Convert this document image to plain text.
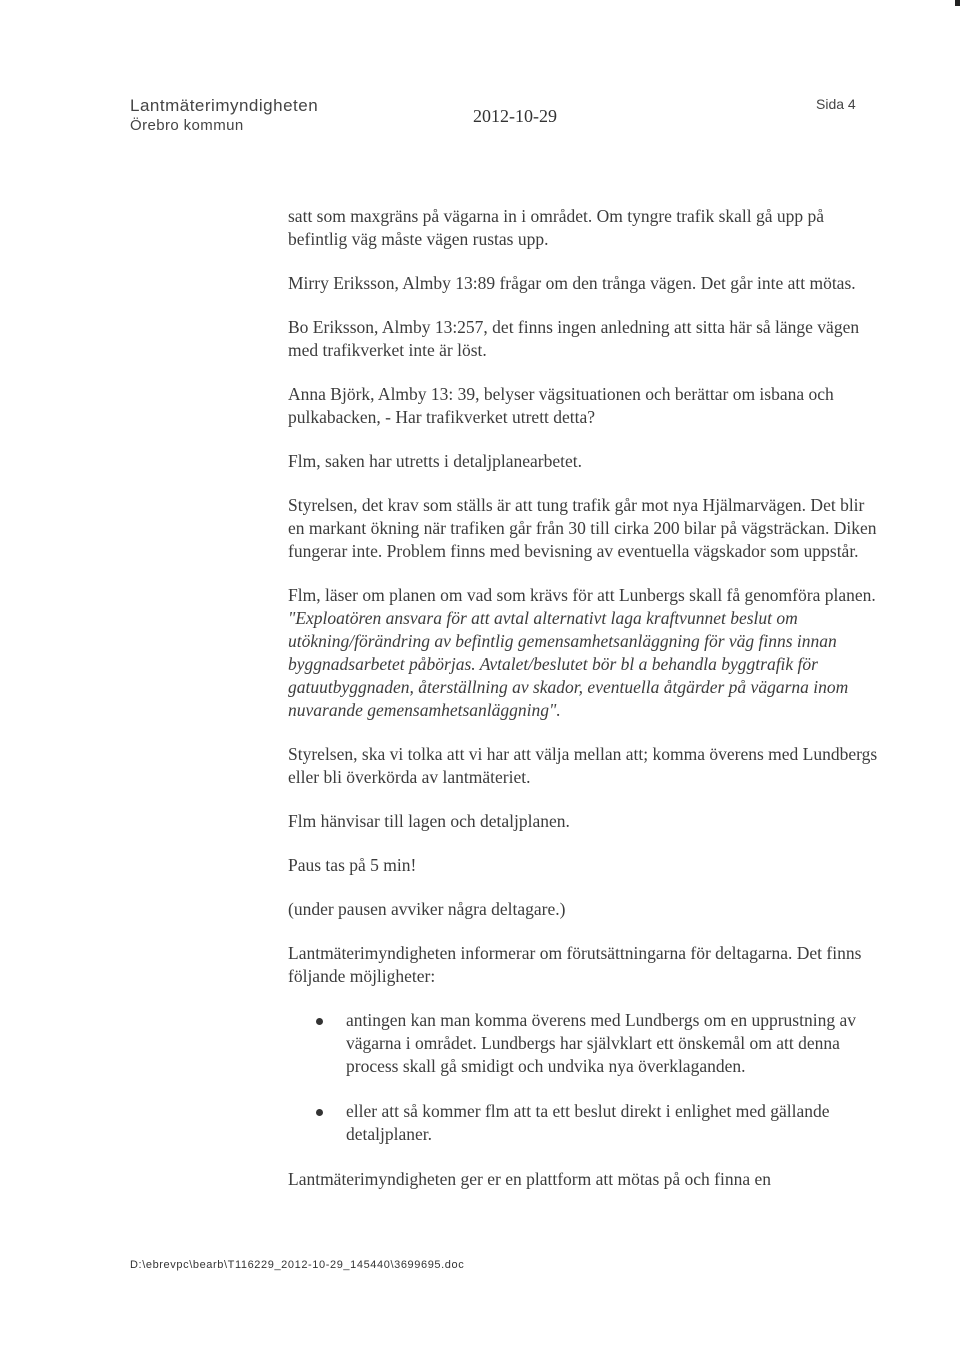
Lantmäterimyndigheten
Örebro kommun	2012-10-29
Sida 4

satt som maxgräns på vägarna in i området. Om tyngre trafik skall gå upp på befintlig väg måste vägen rustas upp.

Mirry Eriksson, Almby 13:89 frågar om den trånga vägen. Det går inte att mötas.

Bo Eriksson, Almby 13:257, det finns ingen anledning att sitta här så länge vägen med trafikverket inte är löst.

Anna Björk, Almby 13: 39, belyser vägsituationen och berättar om isbana och pulkabacken, - Har trafikverket utrett detta?

Flm, saken har utretts i detaljplanearbetet.

Styrelsen, det krav som ställs är att tung trafik går mot nya Hjälmarvägen. Det blir en markant ökning när trafiken går från 30 till cirka 200 bilar på vägsträckan. Diken fungerar inte. Problem finns med bevisning av eventuella vägskador som uppstår.

Flm, läser om planen om vad som krävs för att Lunbergs skall få genomföra planen. "Exploatören ansvara för att avtal alternativt laga kraftvunnet beslut om utökning/förändring av befintlig gemensamhetsanläggning för väg finns innan byggnadsarbetet påbörjas. Avtalet/beslutet bör bl a behandla byggtrafik för gatuutbyggnaden, återställning av skador, eventuella åtgärder på vägarna inom nuvarande gemensamhetsanläggning".

Styrelsen, ska vi tolka att vi har att välja mellan att; komma överens med Lundbergs eller bli överkörda av lantmäteriet.

Flm hänvisar till lagen och detaljplanen.

Paus tas på 5 min!

(under pausen avviker några deltagare.)

Lantmäterimyndigheten informerar om förutsättningarna för deltagarna. Det finns följande möjligheter:

antingen kan man komma överens med Lundbergs om en upprustning av vägarna i området. Lundbergs har självklart ett önskemål om att denna process skall gå smidigt och undvika nya överklaganden.
eller att så kommer flm att ta ett beslut direkt i enlighet med gällande detaljplaner.

Lantmäterimyndigheten ger er en plattform att mötas på och finna en

D:\ebrevpc\bearb\T116229_2012-10-29_145440\3699695.doc
